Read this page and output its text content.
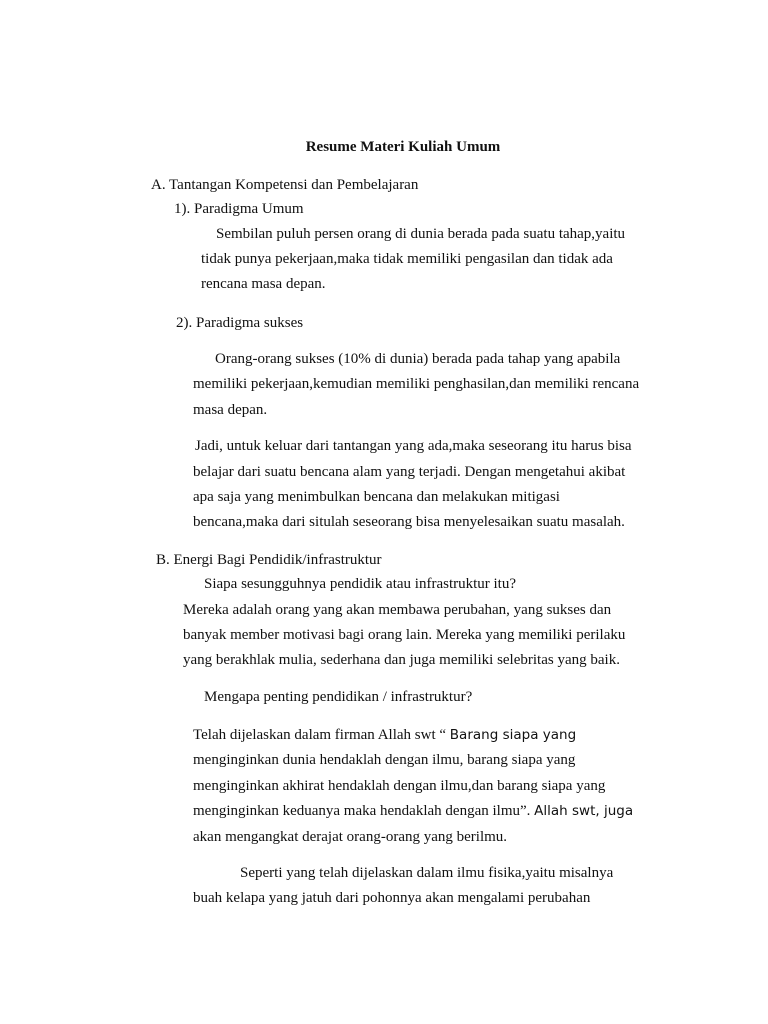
Resume Materi Kuliah Umum
A. Tantangan Kompetensi dan Pembelajaran
1). Paradigma Umum
Sembilan puluh persen orang di dunia berada pada suatu tahap,yaitu
tidak punya pekerjaan,maka tidak memiliki pengasilan dan tidak ada
rencana masa depan.
2). Paradigma sukses
Orang-orang sukses (10% di dunia) berada pada tahap yang apabila
memiliki pekerjaan,kemudian memiliki penghasilan,dan memiliki rencana
masa depan.
Jadi, untuk keluar dari tantangan yang ada,maka seseorang itu harus bisa
belajar dari suatu bencana alam yang terjadi. Dengan mengetahui akibat
apa saja yang menimbulkan bencana dan melakukan mitigasi
bencana,maka dari situlah seseorang bisa menyelesaikan suatu masalah.
B. Energi Bagi Pendidik/infrastruktur
Siapa sesungguhnya pendidik atau infrastruktur itu?
Mereka adalah orang yang akan membawa perubahan, yang sukses dan
banyak member motivasi bagi orang lain. Mereka yang memiliki perilaku
yang berakhlak mulia, sederhana dan juga memiliki selebritas yang baik.
Mengapa penting pendidikan / infrastruktur?
Telah dijelaskan dalam firman Allah swt “ Barang siapa yang
menginginkan dunia hendaklah dengan ilmu, barang siapa yang
menginginkan akhirat hendaklah dengan ilmu,dan barang siapa yang
menginginkan keduanya maka hendaklah dengan ilmu”. Allah swt, juga
akan mengangkat derajat orang-orang yang berilmu.
Seperti yang telah dijelaskan dalam ilmu fisika,yaitu misalnya
buah kelapa yang jatuh dari pohonnya akan mengalami perubahan
